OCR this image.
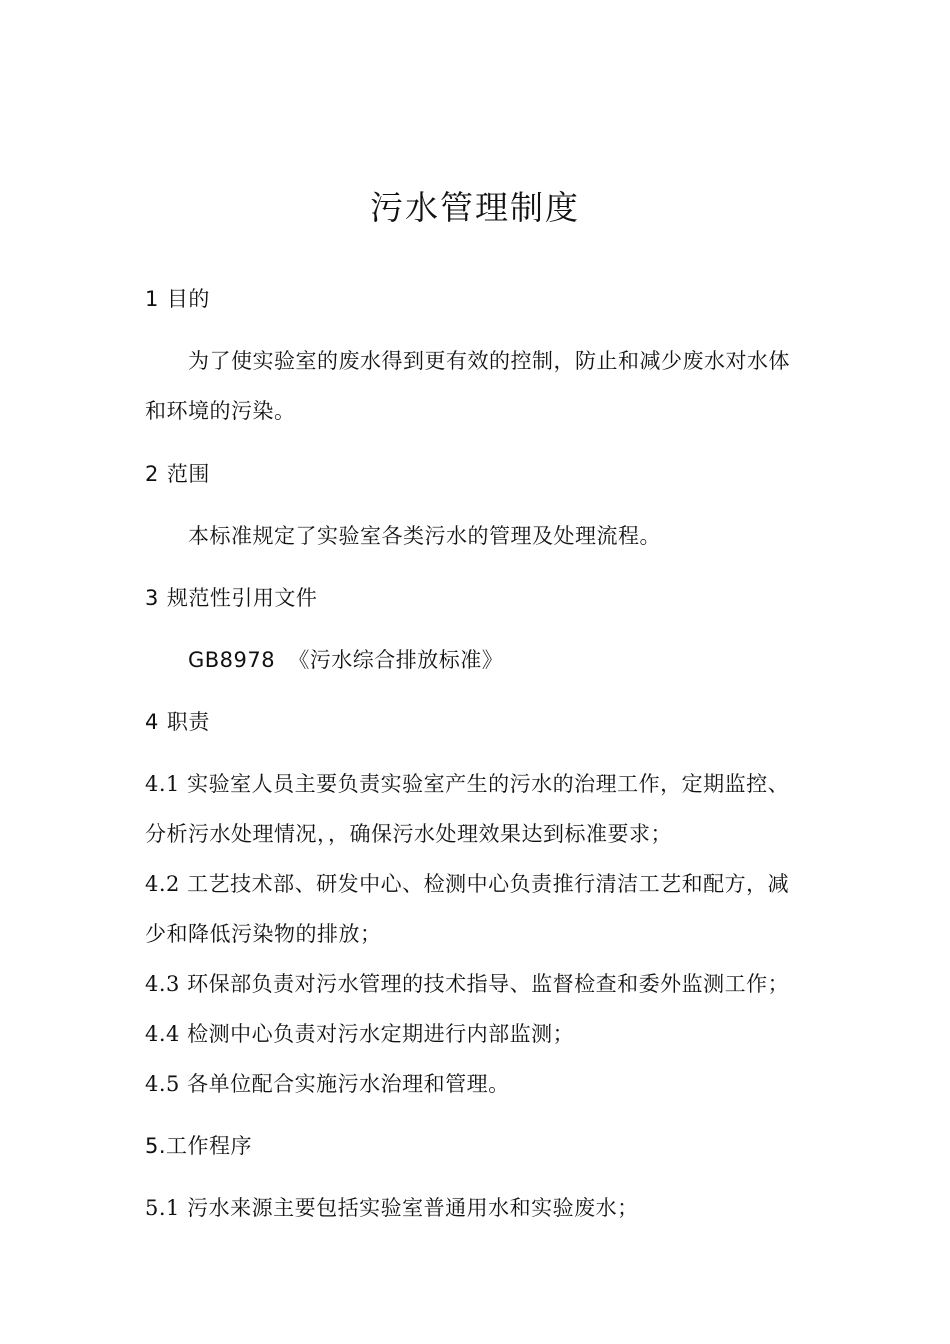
污水管理制度
1 目的
为了使实验室的废水得到更有效的控制，防止和减少废水对水体
和环境的污染。
2 范围
本标准规定了实验室各类污水的管理及处理流程。
3 规范性引用文件
GB8978 《污水综合排放标准》
4 职责
4.1 实验室人员主要负责实验室产生的污水的治理工作，定期监控、
分析污水处理情况，，确保污水处理效果达到标准要求；
4.2 工艺技术部、研发中心、检测中心负责推行清洁工艺和配方，减
少和降低污染物的排放；
4.3 环保部负责对污水管理的技术指导、监督检查和委外监测工作；
4.4 检测中心负责对污水定期进行内部监测；
4.5 各单位配合实施污水治理和管理。
5.工作程序
5.1 污水来源主要包括实验室普通用水和实验废水；
